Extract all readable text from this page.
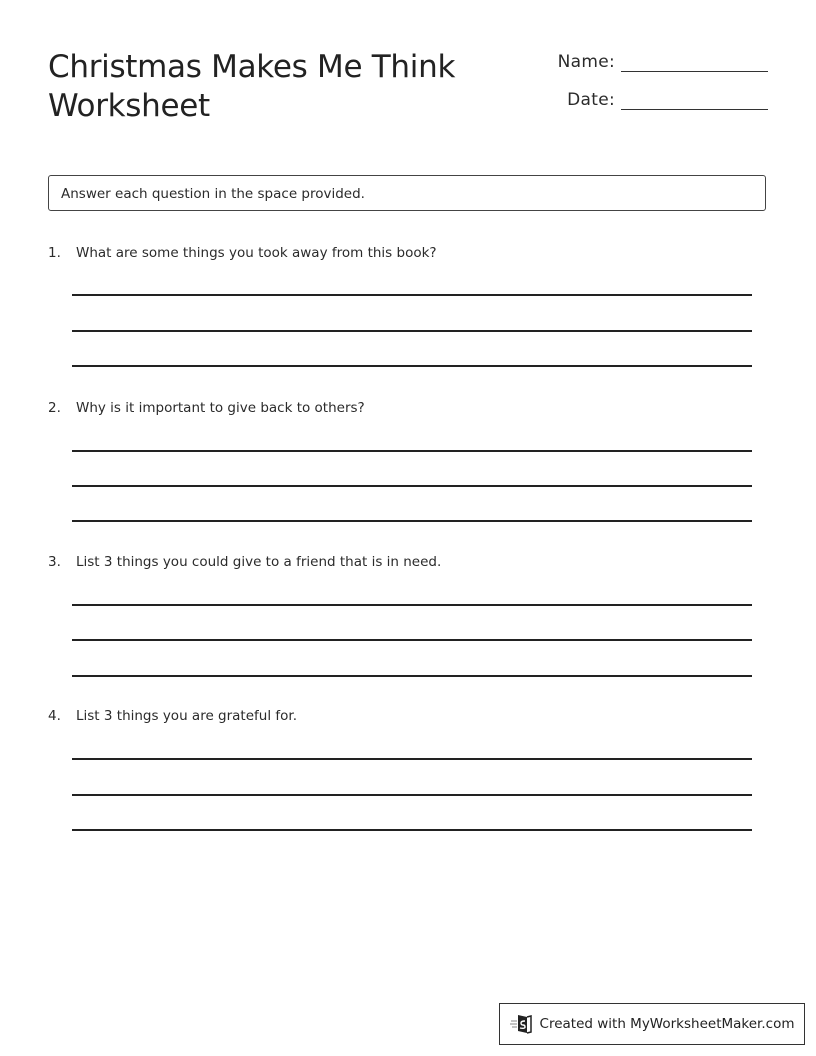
Christmas Makes Me Think Worksheet
Name:
Date:
Answer each question in the space provided.
1.	What are some things you took away from this book?
2.	Why is it important to give back to others?
3.	List 3 things you could give to a friend that is in need.
4.	List 3 things you are grateful for.
Created with MyWorksheetMaker.com
